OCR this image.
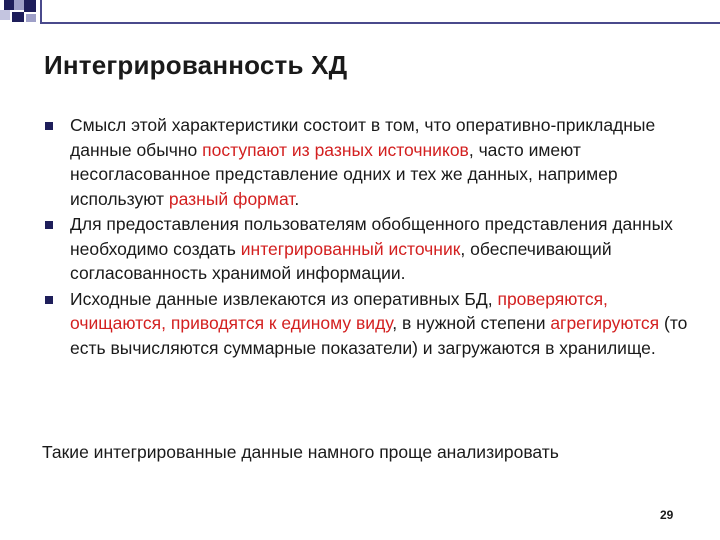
Интегрированность ХД
Смысл этой характеристики состоит в том, что оперативно-прикладные данные обычно поступают из разных источников, часто имеют несогласованное представление одних и тех же данных, например используют разный формат.
Для предоставления пользователям обобщенного представления данных необходимо создать интегрированный источник, обеспечивающий согласованность хранимой информации.
Исходные данные извлекаются из оперативных БД, проверяются, очищаются, приводятся к единому виду, в нужной степени агрегируются (то есть вычисляются суммарные показатели) и загружаются в хранилище.
Такие интегрированные данные намного проще анализировать
29
